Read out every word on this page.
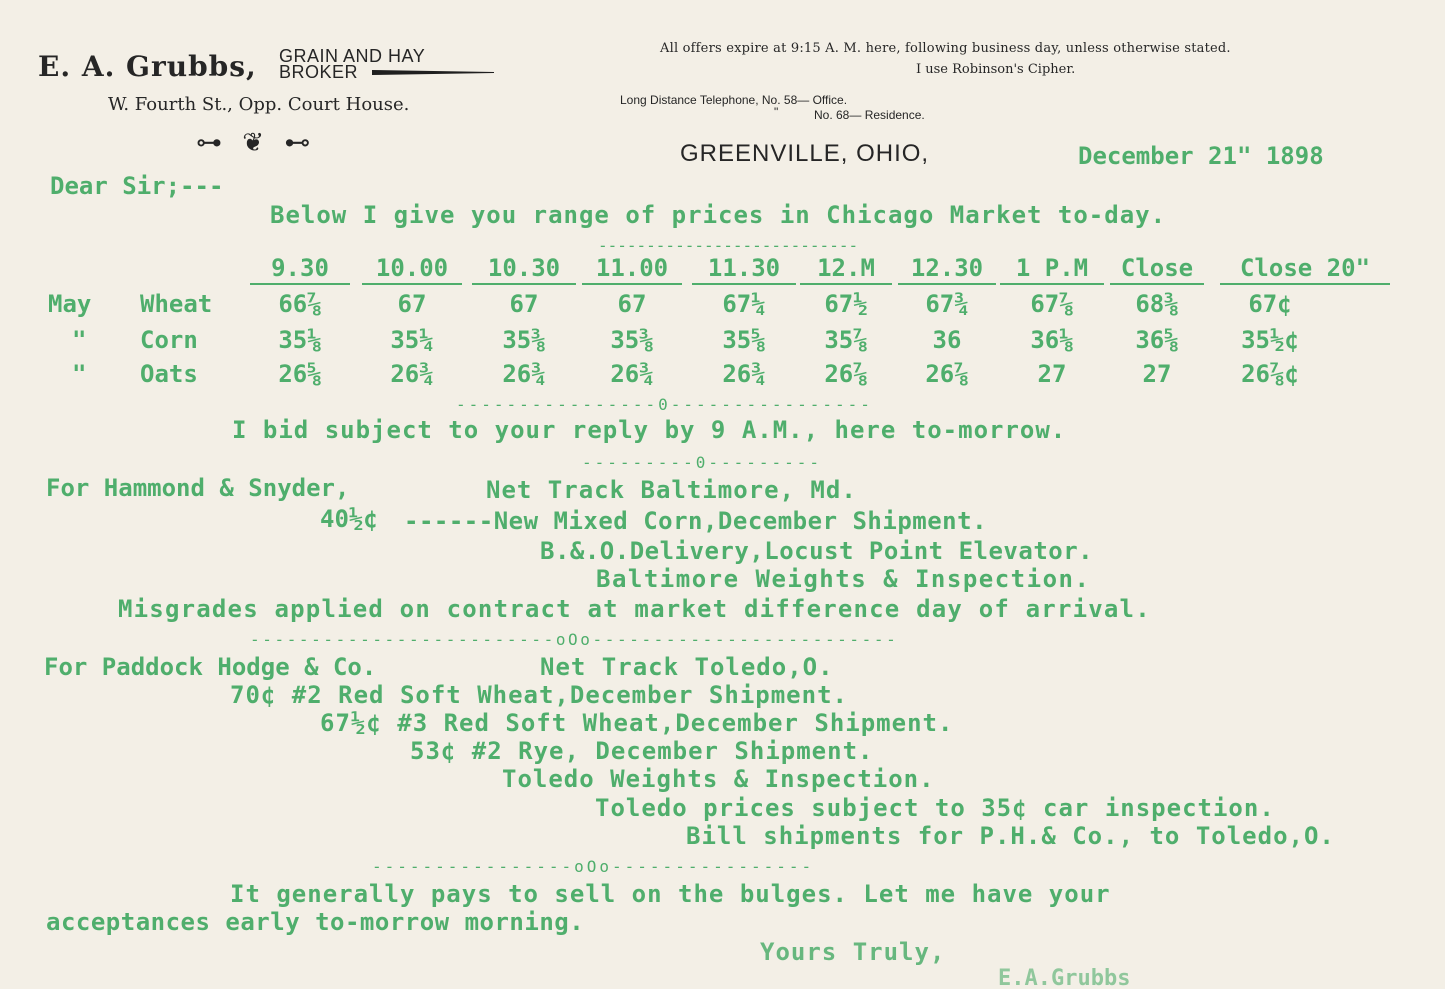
E. A. Grubbs, GRAIN AND HAY
BROKER
W. Fourth St., Opp. Court House.
⊶ ❦ ⊷
All offers expire at 9:15 A. M. here, following business day, unless otherwise stated.
I use Robinson's Cipher.
Long Distance Telephone, No. 58— Office.
"	No. 68— Residence.
GREENVILLE, OHIO,	December 21" 1898
Dear Sir;---
Below I give you range of prices in Chicago Market to-day.
---------------------------
9.30	10.00	10.30	11.00	11.30	12.M	12.30	1 P.M	Close	Close 20"
May Wheat	66⅞	67	67	67	67¼	67½	67¾	67⅞	68⅜	67¢
" Corn	35⅛	35¼	35⅜	35⅜	35⅝	35⅞	36	36⅛	36⅝	35½¢
" Oats	26⅝	26¾	26¾	26¾	26¾	26⅞	26⅞	27	27	26⅞¢
----------------0----------------
I bid subject to your reply by 9 A.M., here to-morrow.
---------0---------
For Hammond & Snyder,	Net Track Baltimore, Md.
40½¢ ------New Mixed Corn,December Shipment.
B.&.O.Delivery,Locust Point Elevator.
Baltimore Weights & Inspection.
Misgrades applied on contract at market difference day of arrival.
-------------------------oOo-------------------------
For Paddock Hodge & Co.	Net Track Toledo,O.
70¢ #2 Red Soft Wheat,December Shipment.
67½¢ #3 Red Soft Wheat,December Shipment.
53¢ #2 Rye, December Shipment.
Toledo Weights & Inspection.
Toledo prices subject to 35¢ car inspection.
Bill shipments for P.H.& Co., to Toledo,O.
----------------oOo----------------
It generally pays to sell on the bulges. Let me have your
acceptances early to-morrow morning.
Yours Truly,
E.A.Grubbs
